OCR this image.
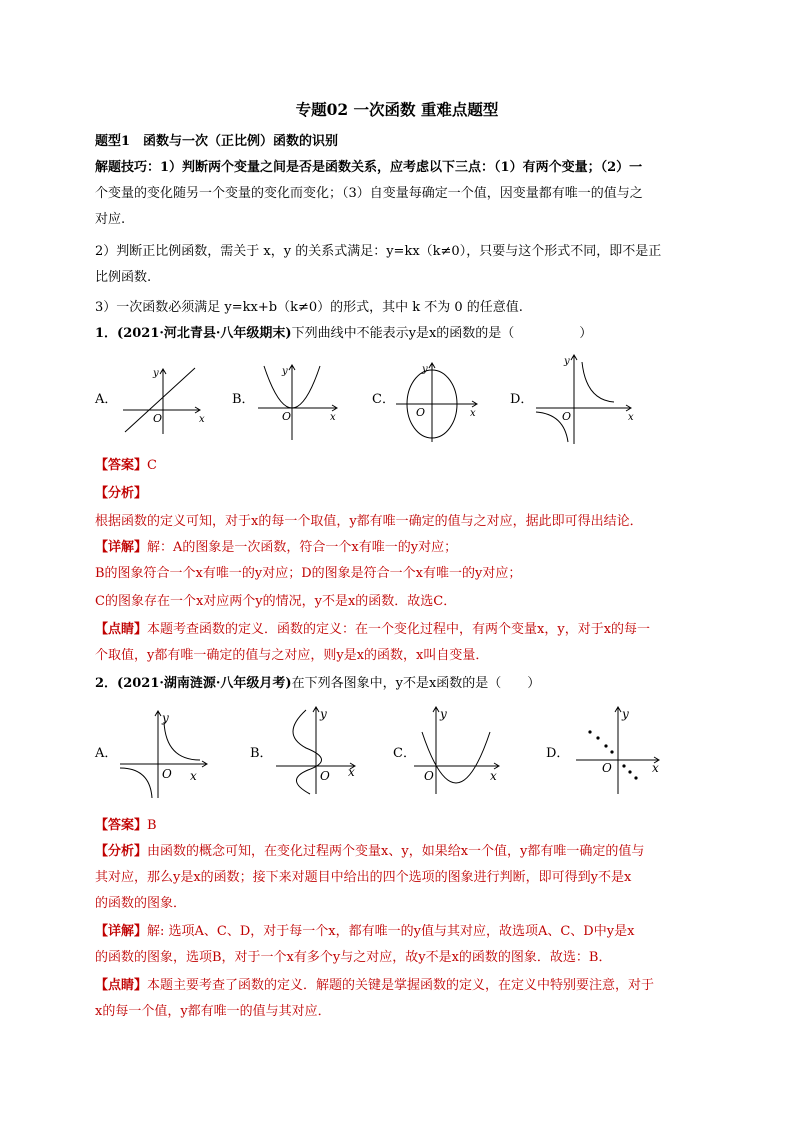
专题02 一次函数 重难点题型
题型1　函数与一次（正比例）函数的识别
解题技巧：1）判断两个变量之间是否是函数关系，应考虑以下三点：（1）有两个变量；（2）一
个变量的变化随另一个变量的变化而变化；（3）自变量每确定一个值，因变量都有唯一的值与之
对应.
2）判断正比例函数，需关于 x，y 的关系式满足：y=kx（k≠0），只要与这个形式不同，即不是正
比例函数.
3）一次函数必须满足 y=kx+b（k≠0）的形式，其中 k 不为 0 的任意值.
1．(2021·河北青县·八年级期末)下列曲线中不能表示y是x的函数的是（　　　　　）
A．	B．	C．	D．
O	x
y
O	x
y
O	x
y
O	x
y
【答案】C
【分析】
根据函数的定义可知，对于x的每一个取值，y都有唯一确定的值与之对应，据此即可得出结论．
【详解】解：A的图象是一次函数，符合一个x有唯一的y对应；
B的图象符合一个x有唯一的y对应；D的图象是符合一个x有唯一的y对应；
C的图象存在一个x对应两个y的情况，y不是x的函数．故选C．
【点睛】本题考查函数的定义．函数的定义：在一个变化过程中，有两个变量x，y，对于x的每一
个取值，y都有唯一确定的值与之对应，则y是x的函数，x叫自变量．
2．(2021·湖南涟源·八年级月考)在下列各图象中，y不是x函数的是（　　）
A．	B．	C．	D．
O x
y
O x
y
O	x
y
O	x
y
【答案】B
【分析】由函数的概念可知，在变化过程两个变量x、y，如果给x一个值，y都有唯一确定的值与
其对应，那么y是x的函数；接下来对题目中给出的四个选项的图象进行判断，即可得到y不是x
的函数的图象．
【详解】解: 选项A、C、D，对于每一个x，都有唯一的y值与其对应，故选项A、C、D中y是x
的函数的图象，选项B，对于一个x有多个y与之对应，故y不是x的函数的图象．故选：B．
【点睛】本题主要考查了函数的定义．解题的关键是掌握函数的定义，在定义中特别要注意，对于
x的每一个值，y都有唯一的值与其对应．
